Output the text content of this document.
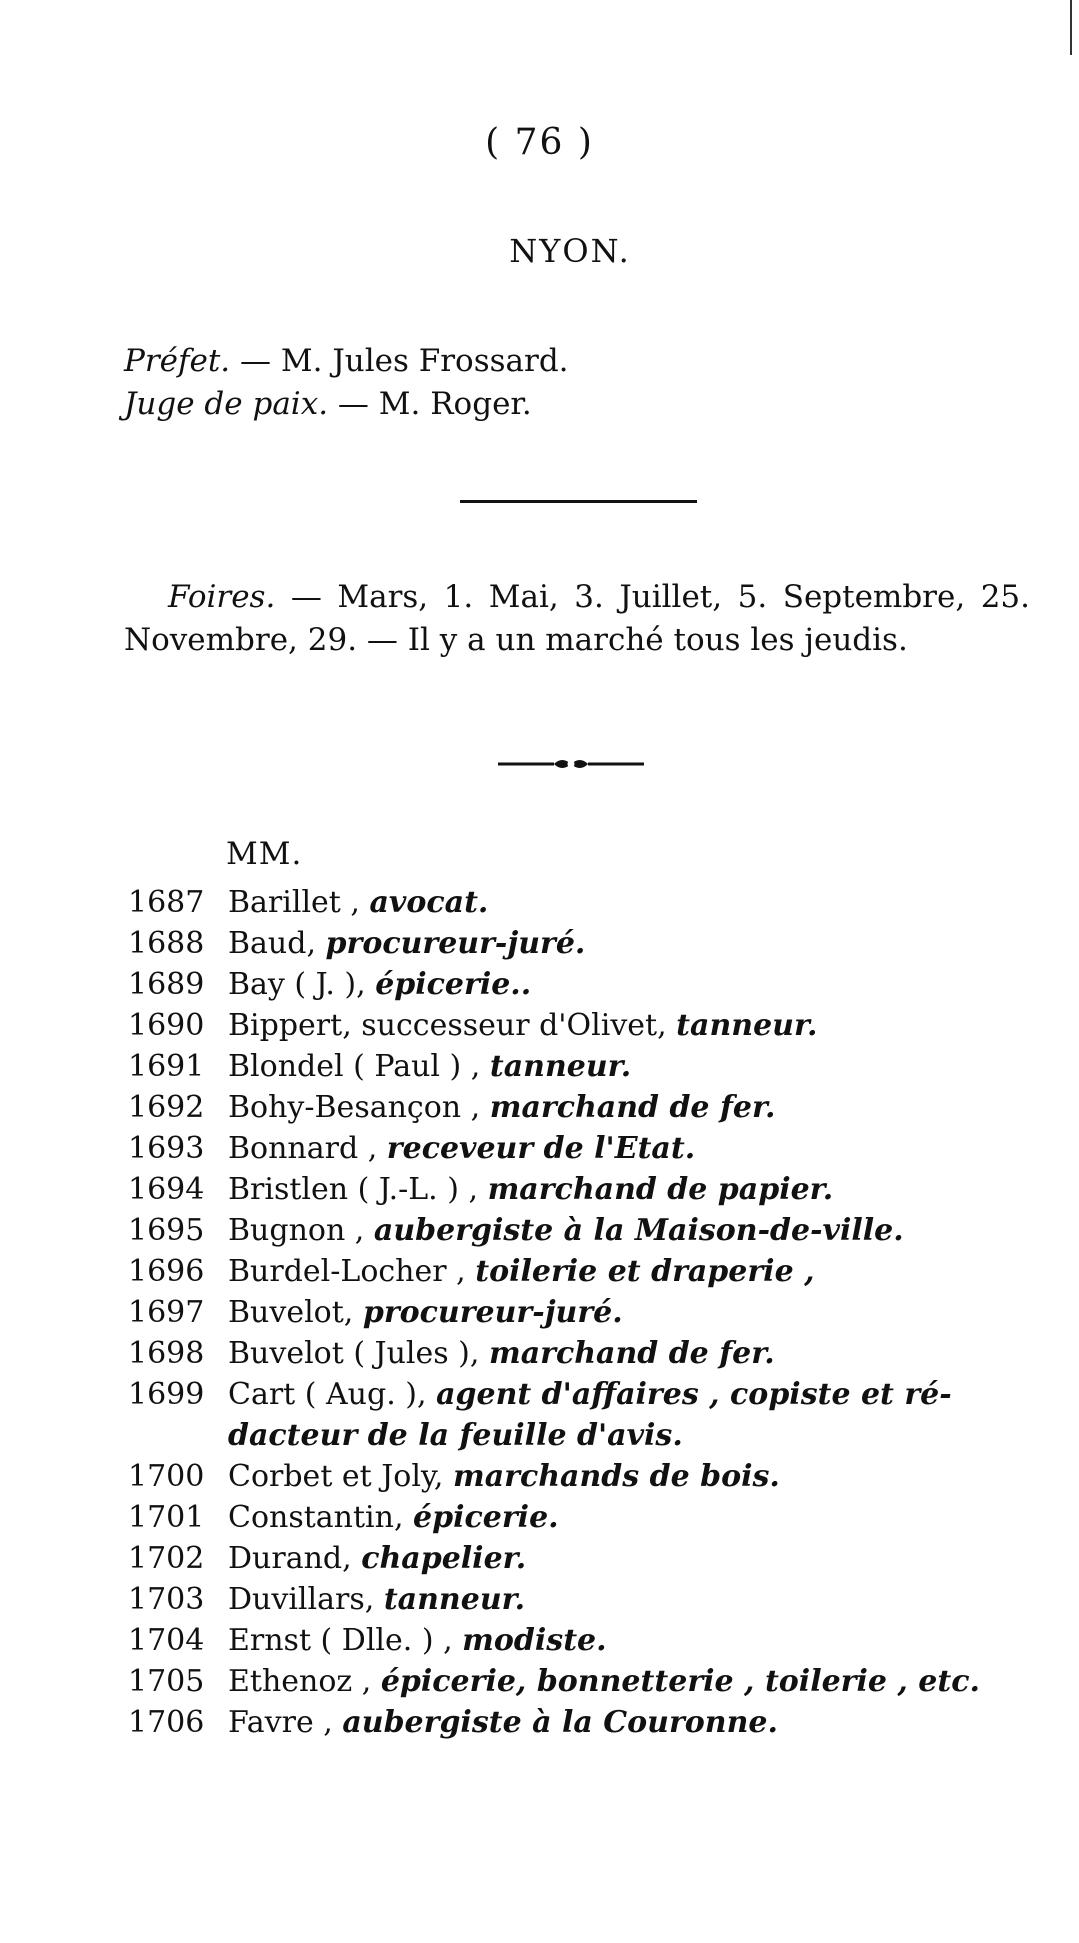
( 76 )
NYON.
Préfet. — M. Jules Frossard.
Juge de paix. — M. Roger.
Foires. — Mars, 1. Mai, 3. Juillet, 5. Septembre, 25. Novembre, 29. — Il y a un marché tous les jeudis.
MM.
1687 Barillet , avocat.
1688 Baud, procureur-juré.
1689 Bay ( J. ), épicerie..
1690 Bippert, successeur d'Olivet, tanneur.
1691 Blondel ( Paul ) , tanneur.
1692 Bohy-Besançon , marchand de fer.
1693 Bonnard , receveur de l'Etat.
1694 Bristlen ( J.-L. ) , marchand de papier.
1695 Bugnon , aubergiste à la Maison-de-ville.
1696 Burdel-Locher , toilerie et draperie ,
1697 Buvelot, procureur-juré.
1698 Buvelot ( Jules ), marchand de fer.
1699 Cart ( Aug. ), agent d'affaires , copiste et ré-
dacteur de la feuille d'avis.
1700 Corbet et Joly, marchands de bois.
1701 Constantin, épicerie.
1702 Durand, chapelier.
1703 Duvillars, tanneur.
1704 Ernst ( Dlle. ) , modiste.
1705 Ethenoz , épicerie, bonnetterie , toilerie , etc.
1706 Favre , aubergiste à la Couronne.
